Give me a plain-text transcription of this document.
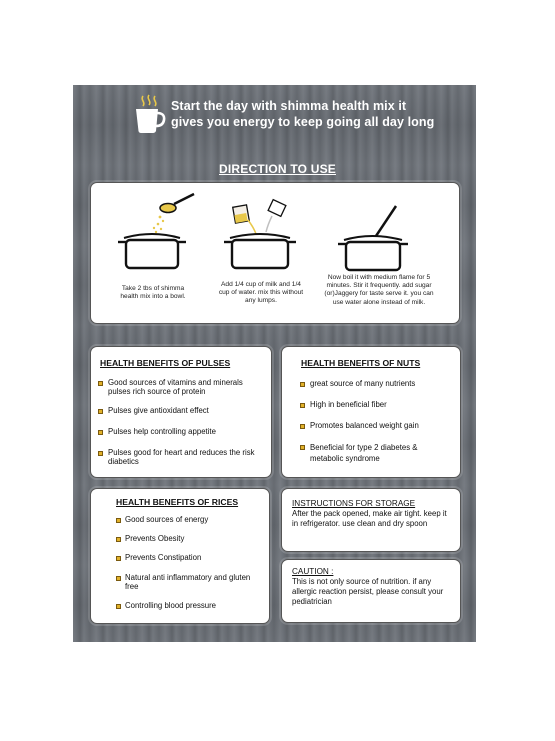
Start the day with shimma health mix it gives you energy to keep going all day long
DIRECTION TO USE
Take 2 tbs of shimma health mix into a bowl.
Add 1/4 cup of milk and 1/4 cup of water. mix this without any lumps.
Now boil it with medium flame for 5 minutes. Stir it frequently. add sugar (or)Jaggery for taste serve it. you can use water alone instead of milk.
HEALTH BENEFITS OF PULSES
Good sources of vitamins and minerals pulses rich source of protein
Pulses give antioxidant effect
Pulses help controlling appetite
Pulses good for heart and reduces the risk diabetics
HEALTH BENEFITS OF NUTS
great source of many nutrients
High in beneficial fiber
Promotes balanced weight gain
Beneficial for type 2 diabetes & metabolic syndrome
HEALTH BENEFITS OF RICES
Good sources of energy
Prevents Obesity
Prevents Constipation
Natural anti inflammatory and gluten free
Controlling blood pressure
INSTRUCTIONS FOR STORAGE
After the pack opened, make air tight. keep it in refrigerator. use clean and dry spoon
CAUTION :
This is not only source of nutrition. if any allergic reaction persist, please consult your pediatrician
